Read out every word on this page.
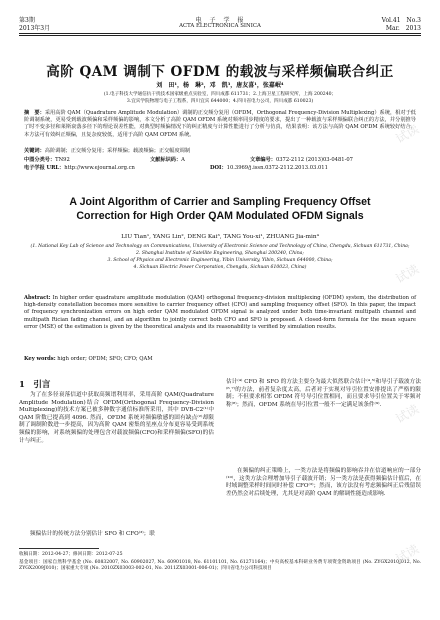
第3期
2013年3月
电　子　学　报
ACTA ELECTRONICA SINICA
Vol.41　No.3
Mar.　2013
高阶 QAM 调制下 OFDM 的载波与采样频偏联合纠正
刘　田¹，杨　琳²，邓　凯³，唐友喜¹，张嘉岷⁴
(1.电子科技大学通信抗干扰技术国家级重点实验室，四川成都 611731；2.上海卫星工程研究所，上海 200240；
3.宜宾学院物理与电子工程系，四川宜宾 644000；4.四川省电力公司，四川成都 610023)
摘　要：采用高阶 QAM（Quadrature Amplitude Modulation）调制的正交频分复用（OFDM，Orthogonal Frequency-Division Multiplexing）系统，相对于低阶调制系统，更易受到载波频偏和采样频偏的影响，本文分析了高阶 QAM OFDM 系统对频率同步精度的要求，提出了一种载波与采样频偏联合纠正的方法，并分别推导了时不变多径和莱斯衰落多径下的理论误差性能，对典型时频偏情况下的纠正精度与计算性能进行了分析与仿真，结果表明：该方法与高阶 QAM OFDM 系统较好结合，本方法可有效纠正频偏，且复杂度较低，适用于高阶 QAM OFDM 系统。
关键词：高阶调制；正交频分复用；采样频偏；载波频偏；正交幅度调制
中图分类号：TN92	文献标识码：A	文章编号：0372-2112 (2013)03-0481-07
电子学报 URL：http://www.ejournal.org.cn	DOI：10.3969/j.issn.0372-2112.2013.03.011
A Joint Algorithm of Carrier and Sampling Frequency Offset
Correction for High Order QAM Modulated OFDM Signals
LIU Tian¹, YANG Lin², DENG Kai³, TANG You-xi¹, ZHUANG Jia-min⁴
(1. National Key Lab of Science and Technology on Communications, University of Electronic Science and Technology of China, Chengdu, Sichuan 611731, China;
2. Shanghai Institute of Satellite Engineering, Shanghai 200240, China;
3. School of Physics and Electronic Engineering, Yibin University, Yibin, Sichuan 644000, China;
4. Sichuan Electric Power Corporation, Chengdu, Sichuan 610023, China)
Abstract: In higher order quadrature amplitude modulation (QAM) orthogonal frequency-division multiplexing (OFDM) system, the distribution of high-density constellation becomes more sensitive to carrier frequency offset (CFO) and sampling frequency offset (SFO). In this paper, the impact of frequency synchronization errors on high order QAM modulated OFDM signal is analyzed under both time-invariant multipath channel and multipath Rician fading channel, and an algorithm to jointly correct both CFO and SFO is proposed. A closed-form formula for the mean square error (MSE) of the estimation is given by the theoretical analysis and its reasonability is verified by simulation results.
Key words: high order; OFDM; SFO; CFO; QAM
1　引言
为了在多径衰落信道中获取高频谱利用率，采用高阶 QAM(Quadrature Amplitude Modulation)结合 OFDM(Orthogonal Frequency-Division Multiplexing)的技术方案已被多种数字通信标准所采用，其中 DVB-C2⁽¹⁾中 QAM 阶数已提高到 4096. 然而，OFDM 系统对频偏敏感的固有缺点⁽²⁾却限制了调制阶数进一步提高，因为高阶 QAM 密集的星座点分布更容易受到系统频偏的影响，对系统频偏的处理包含对载波频偏(CFO)和采样频偏(SFO)的估计与纠正。
频偏估计的传统方法分别估计 SFO 和 CFO⁽³⁾；联
估计⁽⁴⁾ CFO 和 SFO 的方法主要分为最大似然联合估计⁽⁴,⁵⁾和导引子载波方法⁽⁶,⁷⁾的方法，前者复杂度太高，后者对于实现对导引位置安排提出了严格的限制；不但要求相邻 OFDM 符号导引位置相同，而且要求导引位置关于零频对称⁽⁸⁾；然而，OFDM 系统在导引位置一般不一定满足该条件⁽⁹⁾.
在频偏的纠正策略上，一类方法是将频偏的影响吞并在信道响应的一部分⁽¹⁰⁾，这类方法合理增加导引子载波开销；另一类方法是获得频偏估计值后，在时域调整采样时间同时补偿 CFO⁽³⁾；然而，该方法没有考虑频偏纠正后残留误差仍然会对后续处理，尤其是对高阶 QAM 的解调性能造成影响.
收稿日期：2012-04-27；修回日期：2012-07-25
基金项目：国家自然科学基金 (No. 60832007, No. 60902027, No. 60901018, No. 61101101, No. 61271164)；中央高校基本科研业务费专项资金资助项目 (No. ZYGX2010J012, No. ZYGX2009J010)；国家重大专项 (No. 2010ZX03003-002-01, No. 2011ZX03001-006-01)；四川省电力公司科技项目
试读
试读
试读
试读
